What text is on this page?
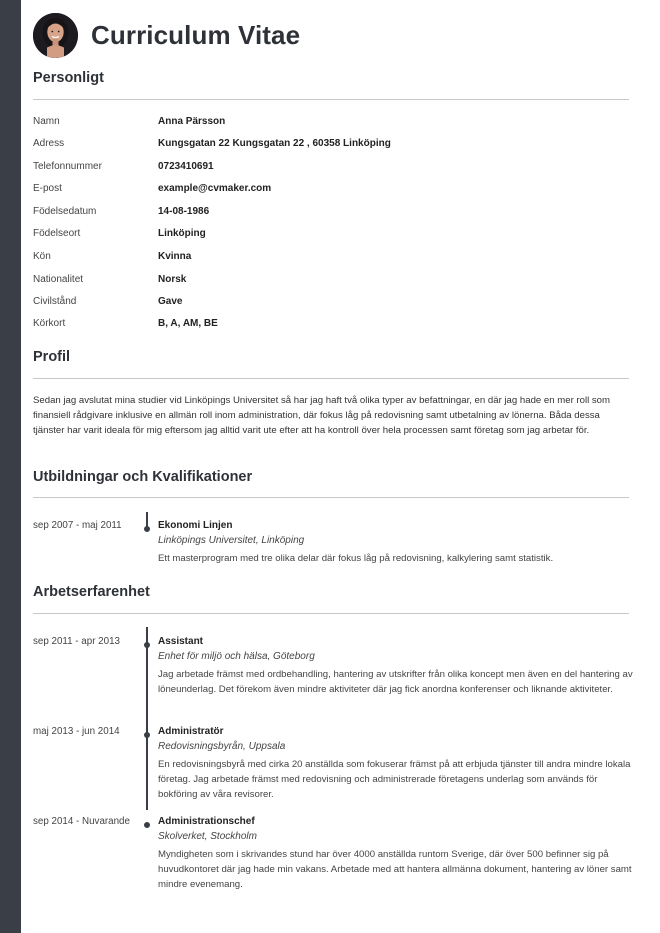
Curriculum Vitae
Personligt
Namn	Anna Pärsson
Adress	Kungsgatan 22 Kungsgatan 22 , 60358 Linköping
Telefonnummer	0723410691
E-post	example@cvmaker.com
Födelsedatum	14-08-1986
Födelseort	Linköping
Kön	Kvinna
Nationalitet	Norsk
Civilstånd	Gave
Körkort	B, A, AM, BE
Profil

Sedan jag avslutat mina studier vid Linköpings Universitet så har jag haft två olika typer av befattningar, en där jag hade en mer roll som finansiell rådgivare inklusive en allmän roll inom administration, där fokus låg på redovisning samt utbetalning av lönerna. Båda dessa tjänster har varit ideala för mig eftersom jag alltid varit ute efter att ha kontroll över hela processen samt företag som jag arbetar för.

Utbildningar och Kvalifikationer
sep 2007 - maj 2011	Ekonomi Linjen
Linköpings Universitet, Linköping

Ett masterprogram med tre olika delar där fokus låg på redovisning, kalkylering samt statistik.

Arbetserfarenhet
sep 2011 - apr 2013	Assistant
Enhet för miljö och hälsa, Göteborg

Jag arbetade främst med ordbehandling, hantering av utskrifter från olika koncept men även en del hantering av löneunderlag. Det förekom även mindre aktiviteter där jag fick anordna konferenser och liknande aktiviteter.

maj 2013 - jun 2014	Administratör
Redovisningsbyrån, Uppsala

En redovisningsbyrå med cirka 20 anställda som fokuserar främst på att erbjuda tjänster till andra mindre lokala företag. Jag arbetade främst med redovisning och administrerade företagens underlag som används för bokföring av våra revisorer.

sep 2014 - Nuvarande	Administrationschef
Skolverket, Stockholm

Myndigheten som i skrivandes stund har över 4000 anställda runtom Sverige, där över 500 befinner sig på huvudkontoret där jag hade min vakans. Arbetade med att hantera allmänna dokument, hantering av löner samt mindre evenemang.
